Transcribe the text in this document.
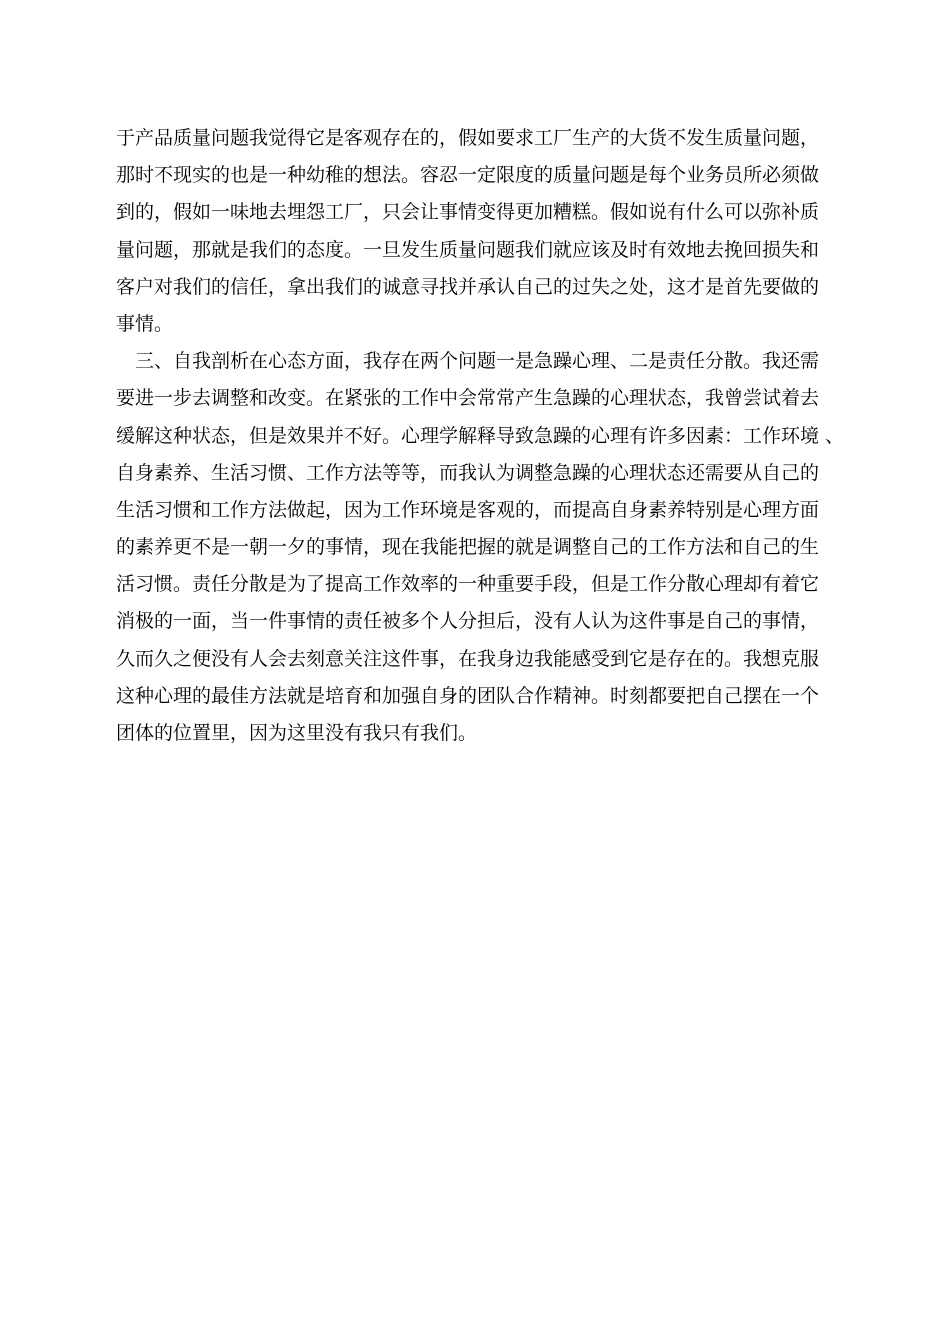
于产品质量问题我觉得它是客观存在的，假如要求工厂生产的大货不发生质量问题，
那时不现实的也是一种幼稚的想法。容忍一定限度的质量问题是每个业务员所必须做
到的，假如一味地去埋怨工厂，只会让事情变得更加糟糕。假如说有什么可以弥补质
量问题，那就是我们的态度。一旦发生质量问题我们就应该及时有效地去挽回损失和
客户对我们的信任，拿出我们的诚意寻找并承认自己的过失之处，这才是首先要做的
事情。
三、自我剖析在心态方面，我存在两个问题一是急躁心理、二是责任分散。我还需
要进一步去调整和改变。在紧张的工作中会常常产生急躁的心理状态，我曾尝试着去
缓解这种状态，但是效果并不好。心理学解释导致急躁的心理有许多因素：工作环境 、
自身素养、生活习惯、工作方法等等，而我认为调整急躁的心理状态还需要从自己的
生活习惯和工作方法做起，因为工作环境是客观的，而提高自身素养特别是心理方面
的素养更不是一朝一夕的事情，现在我能把握的就是调整自己的工作方法和自己的生
活习惯。责任分散是为了提高工作效率的一种重要手段，但是工作分散心理却有着它
消极的一面，当一件事情的责任被多个人分担后，没有人认为这件事是自己的事情，
久而久之便没有人会去刻意关注这件事，在我身边我能感受到它是存在的。我想克服
这种心理的最佳方法就是培育和加强自身的团队合作精神。时刻都要把自己摆在一个
团体的位置里，因为这里没有我只有我们。
